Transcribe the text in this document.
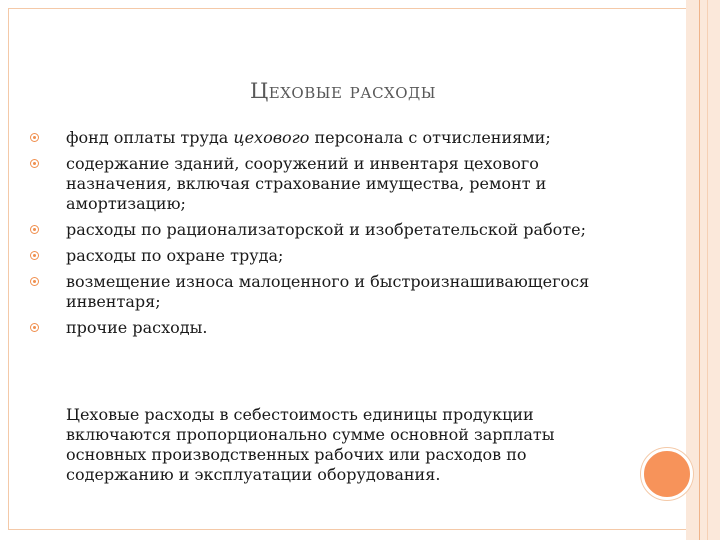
Цеховые расходы
фонд оплаты труда цехового персонала с отчислениями;
содержание зданий, сооружений и инвентаря цехового назначения, включая страхование имущества, ремонт и амортизацию;
расходы по рационализаторской и изобретательской работе;
расходы по охране труда;
возмещение износа малоценного и быстроизнашивающегося инвентаря;
прочие расходы.
Цеховые расходы в себестоимость единицы продукции включаются пропорционально сумме основной зарплаты основных производственных рабочих или расходов по содержанию и эксплуатации оборудования.
